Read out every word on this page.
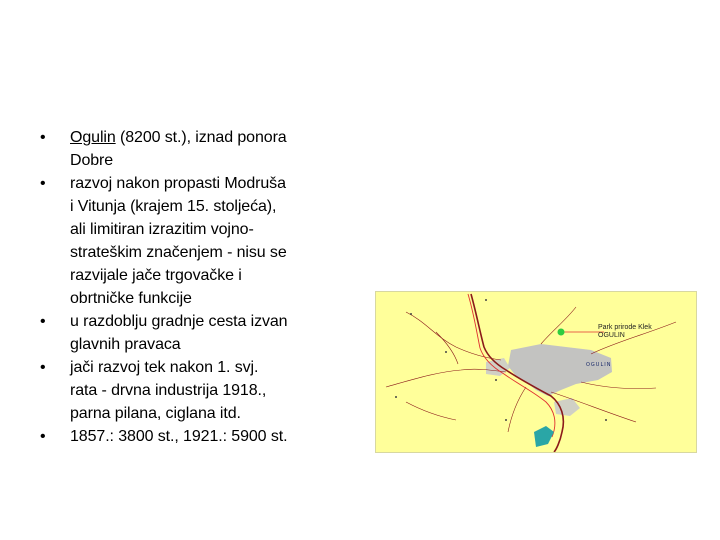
• Ogulin (8200 st.), iznad ponora
Dobre
• razvoj nakon propasti Modruša
i Vitunja (krajem 15. stoljeća),
ali limitiran izrazitim vojno-
strateškim značenjem - nisu se
razvijale jače trgovačke i
obrtničke funkcije
• u razdoblju gradnje cesta izvan
glavnih pravaca
• jači razvoj tek nakon 1. svj.
rata - drvna industrija 1918.,
parna pilana, ciglana itd.
• 1857.: 3800 st., 1921.: 5900 st.
Park prirode Klek
OGULIN
OGULIN
